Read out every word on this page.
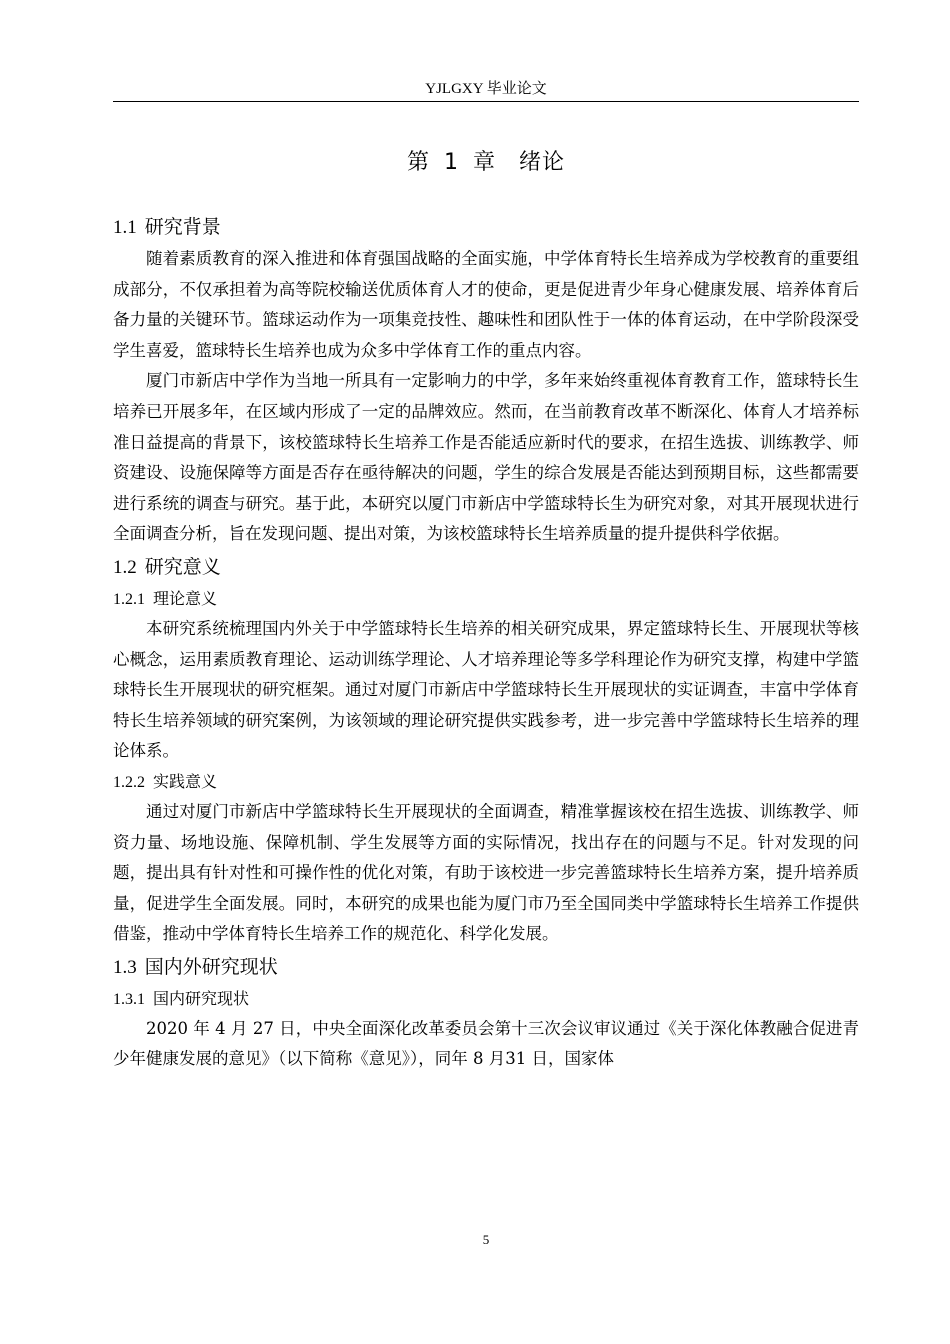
YJLGXY 毕业论文
第 1 章　绪论
1.1 研究背景

随着素质教育的深入推进和体育强国战略的全面实施，中学体育特长生培养成为学校教育的重要组成部分，不仅承担着为高等院校输送优质体育人才的使命，更是促进青少年身心健康发展、培养体育后备力量的关键环节。篮球运动作为一项集竞技性、趣味性和团队性于一体的体育运动，在中学阶段深受学生喜爱，篮球特长生培养也成为众多中学体育工作的重点内容。

厦门市新店中学作为当地一所具有一定影响力的中学，多年来始终重视体育教育工作，篮球特长生培养已开展多年，在区域内形成了一定的品牌效应。然而，在当前教育改革不断深化、体育人才培养标准日益提高的背景下，该校篮球特长生培养工作是否能适应新时代的要求，在招生选拔、训练教学、师资建设、设施保障等方面是否存在亟待解决的问题，学生的综合发展是否能达到预期目标，这些都需要进行系统的调查与研究。基于此，本研究以厦门市新店中学篮球特长生为研究对象，对其开展现状进行全面调查分析，旨在发现问题、提出对策，为该校篮球特长生培养质量的提升提供科学依据。

1.2 研究意义
1.2.1 理论意义

本研究系统梳理国内外关于中学篮球特长生培养的相关研究成果，界定篮球特长生、开展现状等核心概念，运用素质教育理论、运动训练学理论、人才培养理论等多学科理论作为研究支撑，构建中学篮球特长生开展现状的研究框架。通过对厦门市新店中学篮球特长生开展现状的实证调查，丰富中学体育特长生培养领域的研究案例，为该领域的理论研究提供实践参考，进一步完善中学篮球特长生培养的理论体系。

1.2.2 实践意义

通过对厦门市新店中学篮球特长生开展现状的全面调查，精准掌握该校在招生选拔、训练教学、师资力量、场地设施、保障机制、学生发展等方面的实际情况，找出存在的问题与不足。针对发现的问题，提出具有针对性和可操作性的优化对策，有助于该校进一步完善篮球特长生培养方案，提升培养质量，促进学生全面发展。同时，本研究的成果也能为厦门市乃至全国同类中学篮球特长生培养工作提供借鉴，推动中学体育特长生培养工作的规范化、科学化发展。

1.3 国内外研究现状
1.3.1 国内研究现状

2020 年 4 月 27 日，中央全面深化改革委员会第十三次会议审议通过《关于深化体教融合促进青少年健康发展的意见》（以下简称《意见》），同年 8 月31 日，国家体

5
